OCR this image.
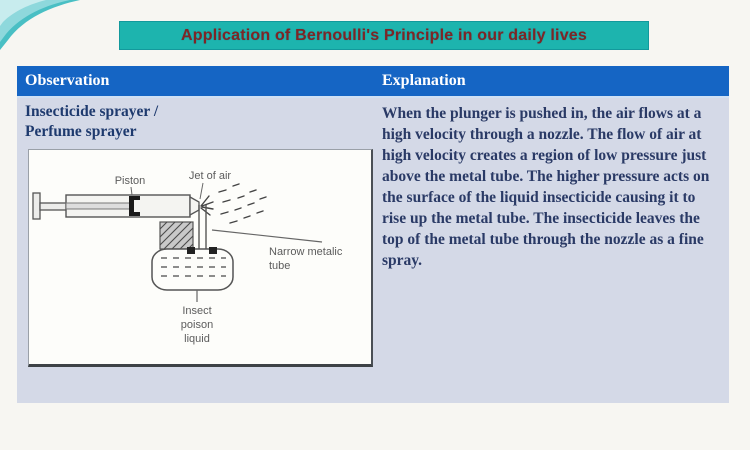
Application of Bernoulli's Principle in our daily lives
Observation	Explanation
Insecticide sprayer /
Perfume sprayer
Piston	Jet of air
Narrow metalic
tube
Insect
poison
liquid
When the plunger is pushed in, the air flows at a high velocity through a nozzle. The flow of air at high velocity creates a region of low pressure just above the metal tube. The higher pressure acts on the surface of the liquid insecticide causing it to rise up the metal tube. The insecticide leaves the top of the metal tube through the nozzle as a fine spray.
